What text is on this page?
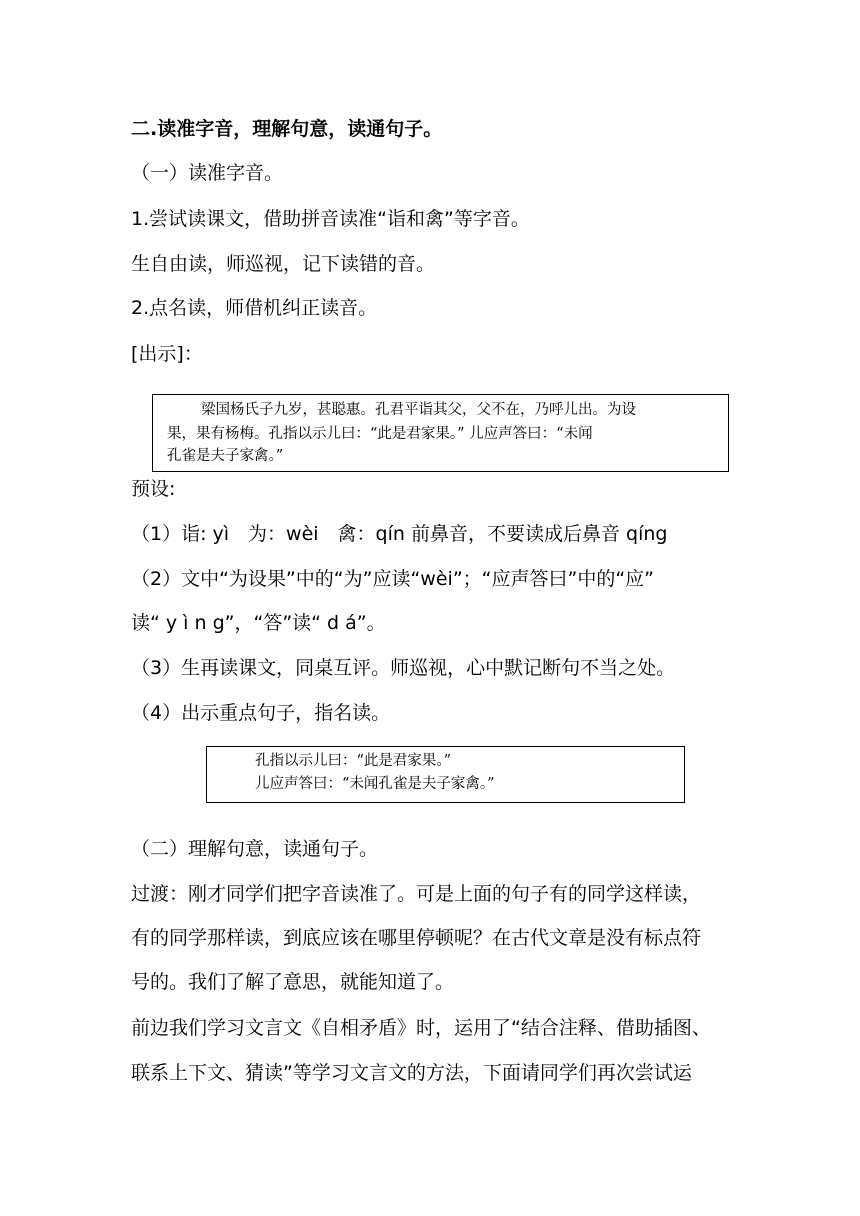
二.读准字音，理解句意，读通句子。
（一）读准字音。
1.尝试读课文，借助拼音读准“诣和禽”等字音。
生自由读，师巡视，记下读错的音。
2.点名读，师借机纠正读音。
[出示]：
梁国杨氏子九岁，甚聪惠。孔君平诣其父，父不在，乃呼儿出。为设
果，果有杨梅。孔指以示儿曰：“此是君家果。” 儿应声答曰：“未闻
孔雀是夫子家禽。”
预设:
（1）诣: yì　为：wèi　禽：qín 前鼻音，不要读成后鼻音 qíng
（2）文中“为设果”中的“为”应读“wèi”；“应声答曰”中的“应”
读“ y ì n g”，“答”读“ d á”。
（3）生再读课文，同桌互评。师巡视，心中默记断句不当之处。
（4）出示重点句子，指名读。
孔指以示儿曰：“此是君家果。”
儿应声答曰：“未闻孔雀是夫子家禽。”
（二）理解句意，读通句子。
过渡：刚才同学们把字音读准了。可是上面的句子有的同学这样读，
有的同学那样读，到底应该在哪里停顿呢？在古代文章是没有标点符
号的。我们了解了意思，就能知道了。
前边我们学习文言文《自相矛盾》时，运用了“结合注释、借助插图、
联系上下文、猜读”等学习文言文的方法，下面请同学们再次尝试运
